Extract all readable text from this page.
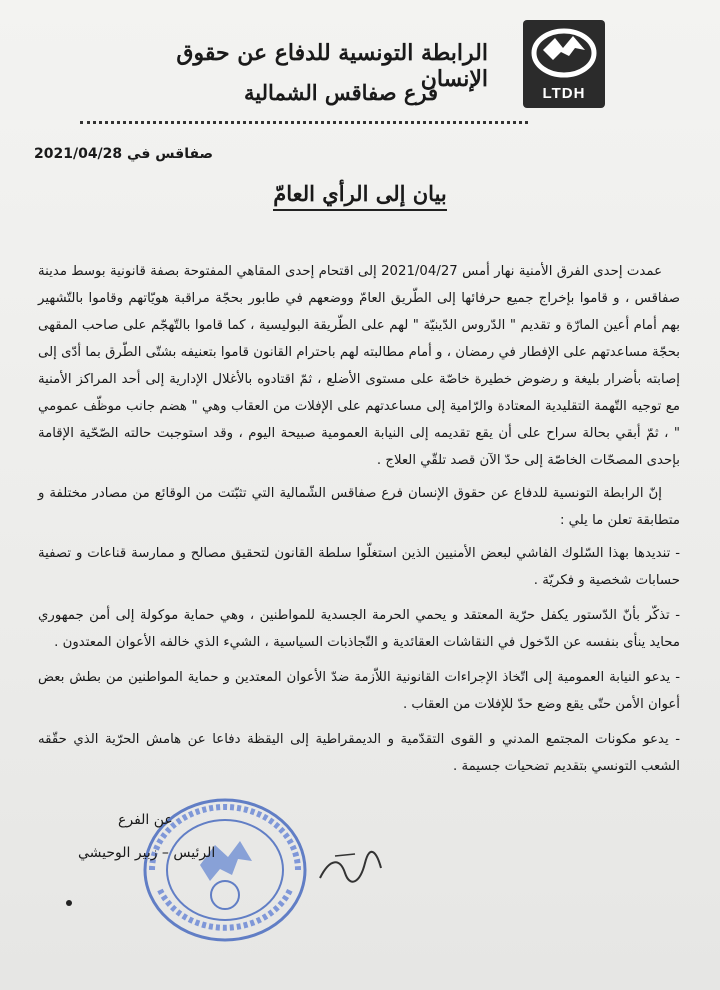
LTDH
الرابطة التونسية للدفاع عن حقوق الإنسان
فرع صفاقس الشمالية
صفاقس في 2021/04/28
بيان إلى الرأي العامّ

عمدت إحدى الفرق الأمنية نهار أمس 2021/04/27 إلى اقتحام إحدى المقاهي المفتوحة بصفة قانونية بوسط مدينة صفاقس ، و قاموا بإخراج جميع حرفائها إلى الطّريق العامّ ووضعهم في طابور بحجّة مراقبة هويّاتهم وقاموا بالتّشهير بهم أمام أعين المارّة و تقديم " الدّروس الدّينيّة " لهم على الطّريقة البوليسية ، كما قاموا بالتّهجّم على صاحب المقهى بحجّة مساعدتهم على الإفطار في رمضان ، و أمام مطالبته لهم باحترام القانون قاموا بتعنيفه بشتّى الطّرق بما أدّى إلى إصابته بأضرار بليغة و رضوض خطيرة خاصّة على مستوى الأضلع ، ثمّ اقتادوه بالأغلال الإدارية إلى أحد المراكز الأمنية مع توجيه التّهمة التقليدية المعتادة والرّامية إلى مساعدتهم على الإفلات من العقاب وهي " هضم جانب موظّف عمومي " ، ثمّ أبقي بحالة سراح على أن يقع تقديمه إلى النيابة العمومية صبيحة اليوم ، وقد استوجبت حالته الصّحّية الإقامة بإحدى المصحّات الخاصّة إلى حدّ الآن قصد تلقّي العلاج .

إنّ الرابطة التونسية للدفاع عن حقوق الإنسان فرع صفاقس الشّمالية التي تثبّتت من الوقائع من مصادر مختلفة و متطابقة تعلن ما يلي :

- تنديدها بهذا السّلوك الفاشي لبعض الأمنيين الذين استغلّوا سلطة القانون لتحقيق مصالح و ممارسة قناعات و تصفية حسابات شخصية و فكريّة .

- تذكّر بأنّ الدّستور يكفل حرّية المعتقد و يحمي الحرمة الجسدية للمواطنين ، وهي حماية موكولة إلى أمن جمهوري محايد ينأى بنفسه عن الدّخول في النقاشات العقائدية و التّجاذبات السياسية ، الشيء الذي خالفه الأعوان المعتدون .

- يدعو النيابة العمومية إلى اتّخاذ الإجراءات القانونية اللاّزمة ضدّ الأعوان المعتدين و حماية المواطنين من بطش بعض أعوان الأمن حتّى يقع وضع حدّ للإفلات من العقاب .

- يدعو مكونات المجتمع المدني و القوى التقدّمية و الديمقراطية إلى اليقظة دفاعا عن هامش الحرّية الذي حقّقه الشعب التونسي بتقديم تضحيات جسيمة .

عن الفرع
الرئيس – زبير الوحيشي
